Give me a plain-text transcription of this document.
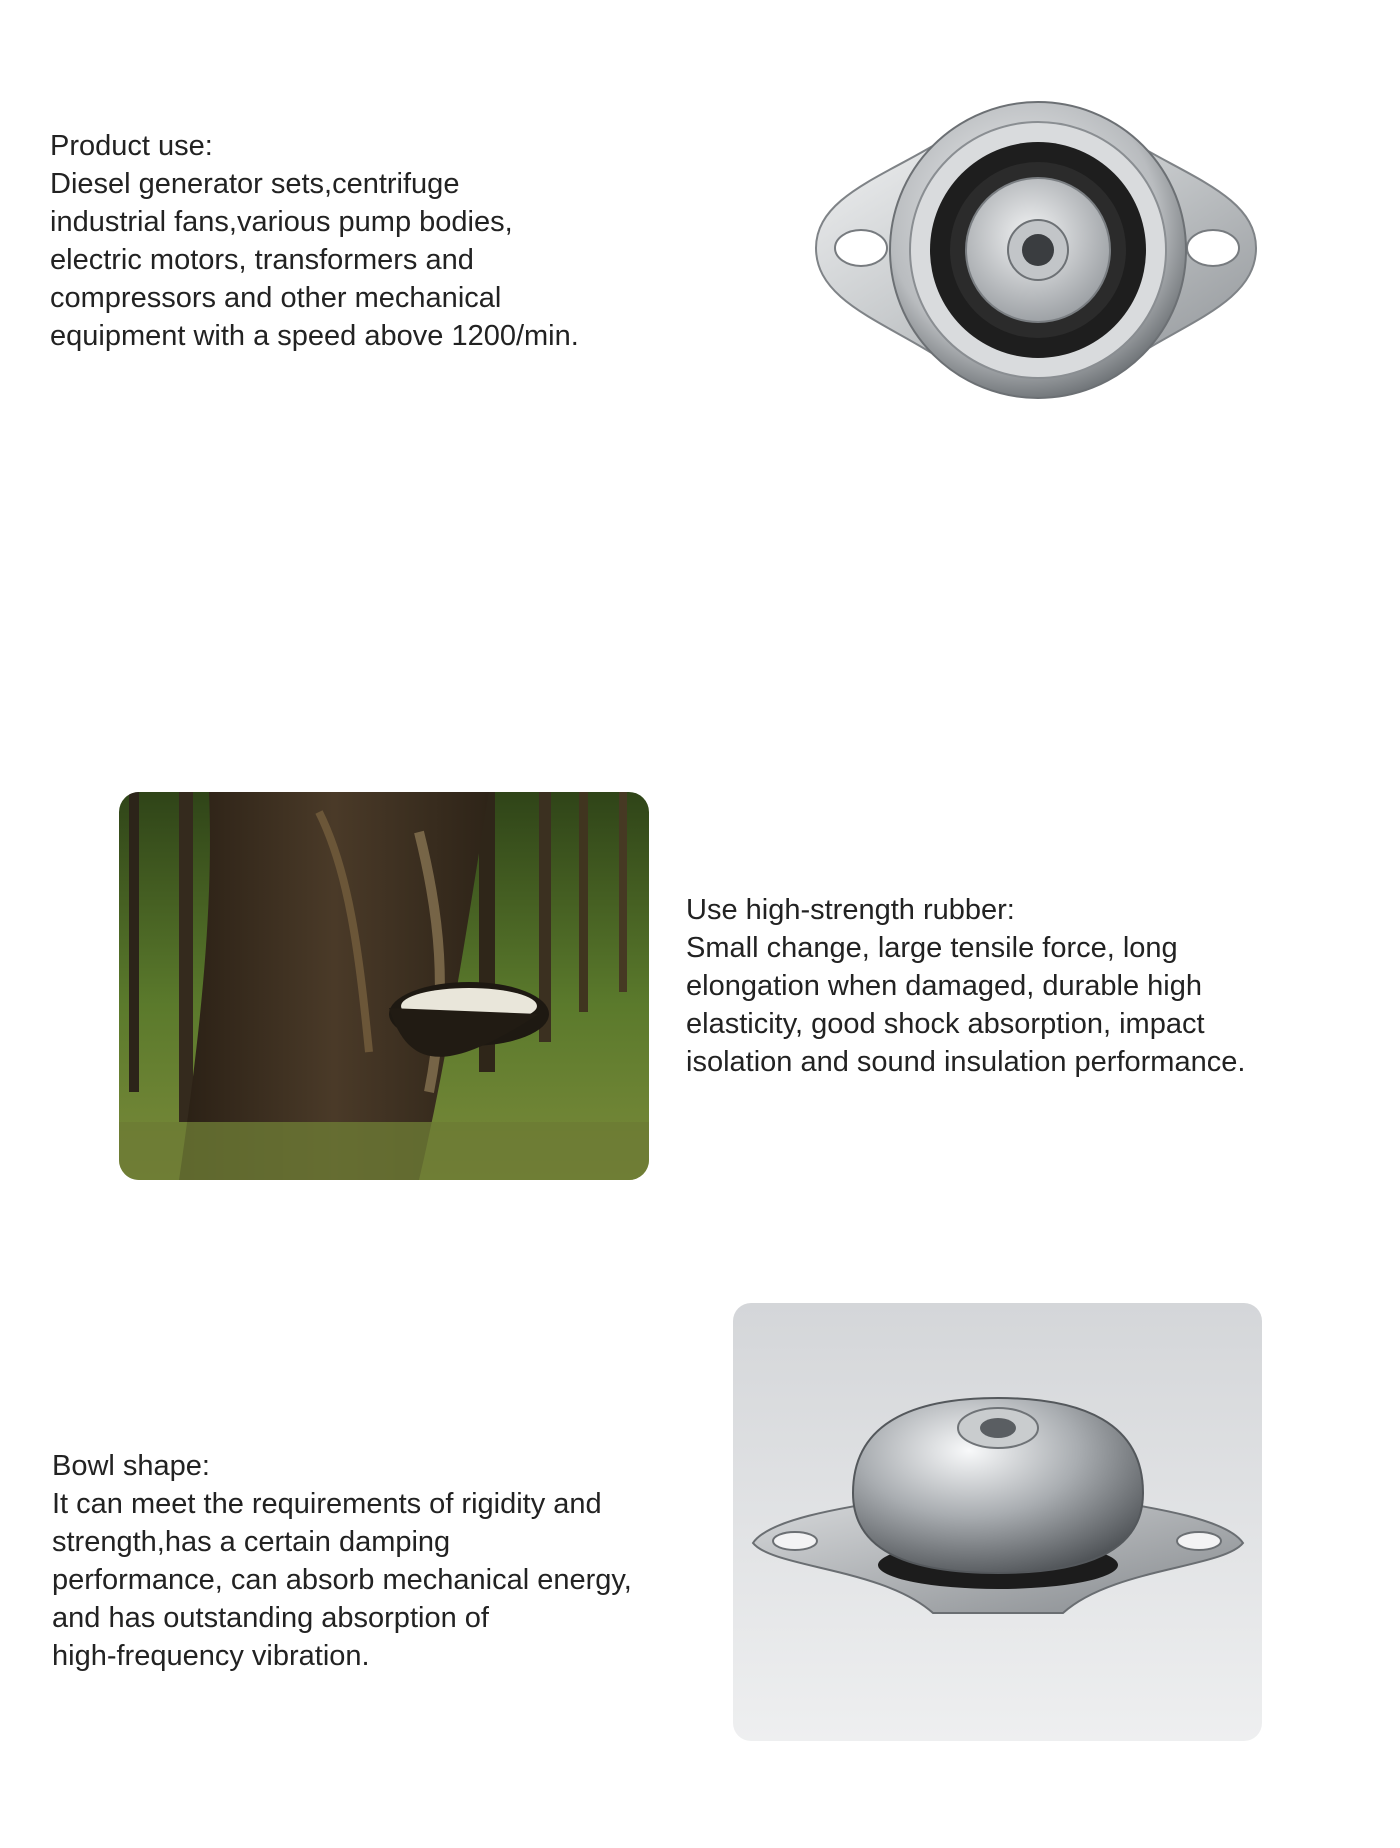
Product use:

Diesel generator sets,centrifuge

industrial fans,various pump bodies,

electric motors, transformers and

compressors and other mechanical

equipment with a speed above 1200/min.

Use high-strength rubber:

Small change, large tensile force, long

elongation when damaged, durable high

elasticity, good shock absorption, impact

isolation and sound insulation performance.

Bowl shape:

It can meet the requirements of rigidity and

strength,has a certain damping

performance, can absorb mechanical energy,

and has outstanding absorption of

high-frequency vibration.
